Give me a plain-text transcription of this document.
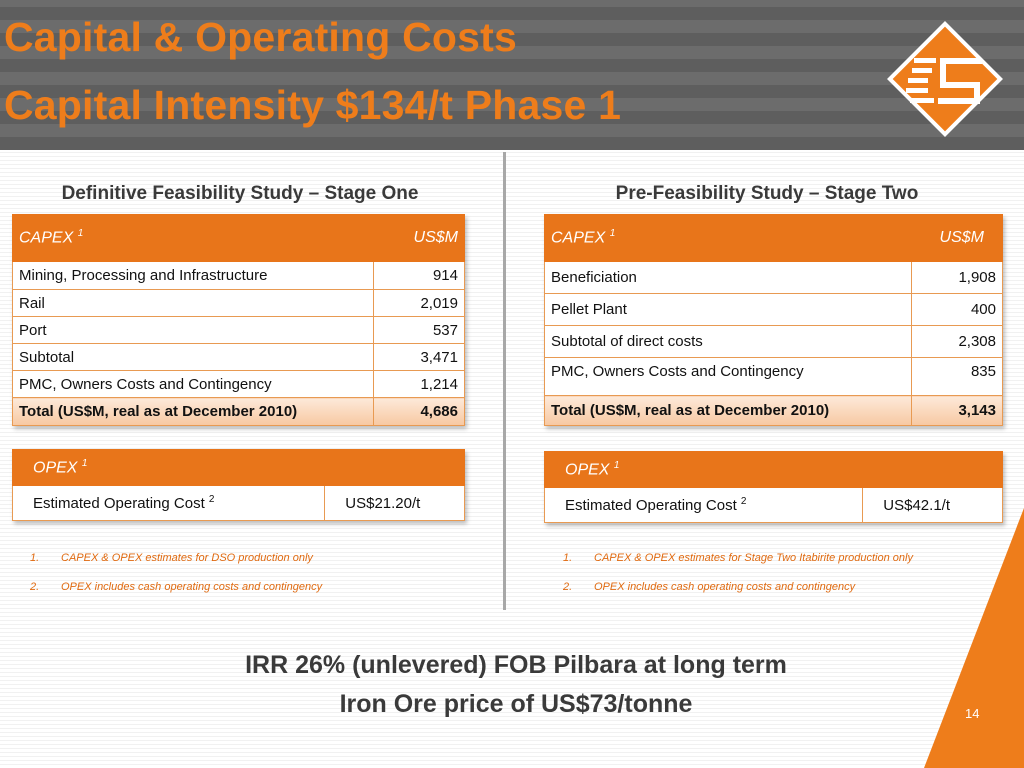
Capital & Operating Costs
Capital Intensity $134/t Phase 1
Definitive Feasibility Study – Stage One
CAPEX $^1$	US$M
Mining, Processing and Infrastructure	914
Rail	2,019
Port	537
Subtotal	3,471
PMC, Owners Costs and Contingency	1,214
Total (US$M, real as at December 2010)	4,686
OPEX $^1$
Estimated Operating Cost $^2$	US$21.20/t
1. CAPEX & OPEX estimates for DSO production only
2. OPEX includes cash operating costs and contingency
Pre-Feasibility Study – Stage Two
CAPEX $^1$	US$M
Beneficiation	1,908
Pellet Plant	400
Subtotal of direct costs	2,308
PMC, Owners Costs and Contingency	835
Total (US$M, real as at December 2010)	3,143
OPEX $^1$
Estimated Operating Cost $^2$	US$42.1/t
1. CAPEX & OPEX estimates for Stage Two Itabirite production only
2. OPEX includes cash operating costs and contingency

IRR 26% (unlevered) FOB Pilbara at long term
Iron Ore price of US$73/tonne	14
